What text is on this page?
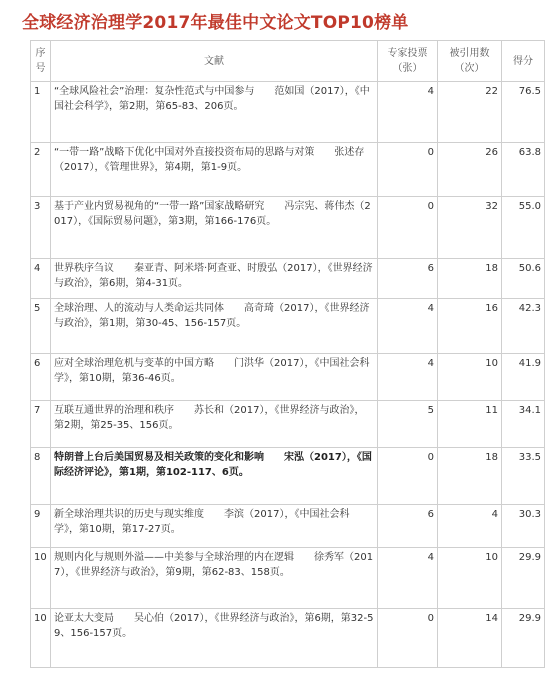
全球经济治理学2017年最佳中文论文TOP10榜单
序号	文献	专家投票（张）	被引用数（次）	得分
1	“全球风险社会”治理：复杂性范式与中国参与　　范如国（2017），《中国社会科学》，第2期，第65-83、206页。	4	22	76.5
2	“一带一路”战略下优化中国对外直接投资布局的思路与对策　　张述存（2017），《管理世界》，第4期，第1-9页。	0	26	63.8
3	基于产业内贸易视角的“一带一路”国家战略研究　　冯宗宪、蒋伟杰（2017），《国际贸易问题》，第3期，第166-176页。	0	32	55.0
4	世界秩序刍议　　秦亚青、阿米塔·阿查亚、时殷弘（2017），《世界经济与政治》，第6期，第4-31页。	6	18	50.6
5	全球治理、人的流动与人类命运共同体　　高奇琦（2017），《世界经济与政治》，第1期，第30-45、156-157页。	4	16	42.3
6	应对全球治理危机与变革的中国方略　　门洪华（2017），《中国社会科学》，第10期，第36-46页。	4	10	41.9
7	互联互通世界的治理和秩序　　苏长和（2017），《世界经济与政治》，第2期，第25-35、156页。	5	11	34.1
8	特朗普上台后美国贸易及相关政策的变化和影响　　宋泓（2017），《国际经济评论》，第1期，第102-117、6页。	0	18	33.5
9	新全球治理共识的历史与现实维度　　李滨（2017），《中国社会科学》，第10期，第17-27页。	6	4	30.3
10	规则内化与规则外溢——中美参与全球治理的内在逻辑　　徐秀军（2017），《世界经济与政治》，第9期，第62-83、158页。	4	10	29.9
10	论亚太大变局　　吴心伯（2017），《世界经济与政治》，第6期，第32-59、156-157页。	0	14	29.9
